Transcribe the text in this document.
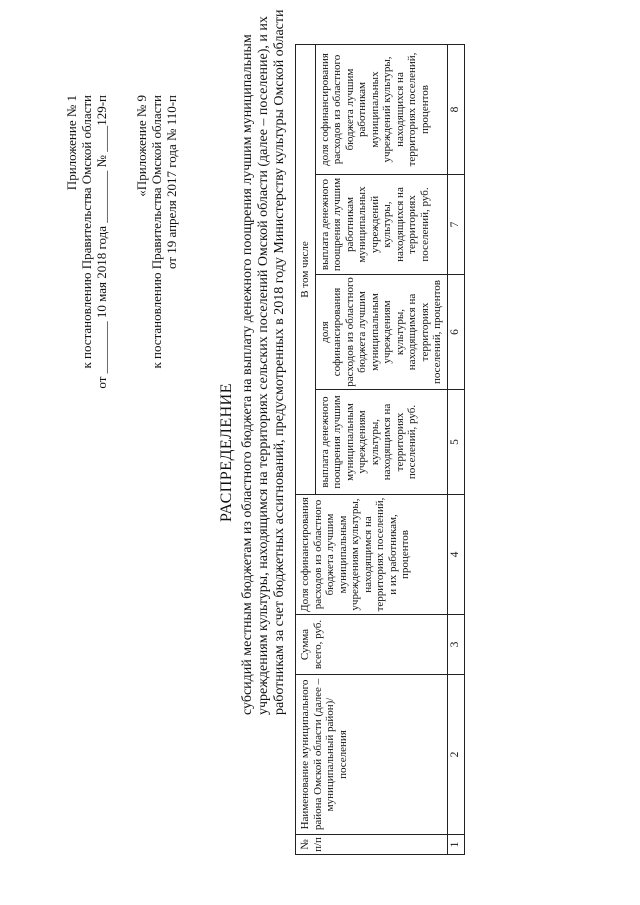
Приложение № 1 к постановлению Правительства Омской области от ________ 10 мая 2018 года ________ № ____129-п «Приложение № 9 к постановлению Правительства Омской области от 19 апреля 2017 года № 110-п
РАСПРЕДЕЛЕНИЕ субсидий местным бюджетам из областного бюджета на выплату денежного поощрения лучшим муниципальным учреждениям культуры, находящимся на территориях сельских поселений Омской области (далее – поселение), и их работникам за счет бюджетных ассигнований, предусмотренных в 2018 году Министерству культуры Омской области
№ п/п	Наименование муниципального района Омской области (далее – муниципальный район)/поселения	Сумма всего, руб.	Доля софинансирования расходов из областного бюджета лучшим муниципальным учреждениям культуры, находящимся на территориях поселений, и их работникам, процентов	В том числе			
				выплата денежного поощрения лучшим муниципальным учреждениям культуры, находящимся на территориях поселений, руб.	доля софинансирования расходов из областного бюджета лучшим муниципальным учреждениям культуры, находящимся на территориях поселений, процентов	выплата денежного поощрения лучшим работникам муниципальных учреждений культуры, находящихся на территориях поселений, руб.	доля софинансирования расходов из областного бюджета лучшим работникам муниципальных учреждений культуры, находящихся на территориях поселений, процентов
1	2	3	4	5	6	7	8
